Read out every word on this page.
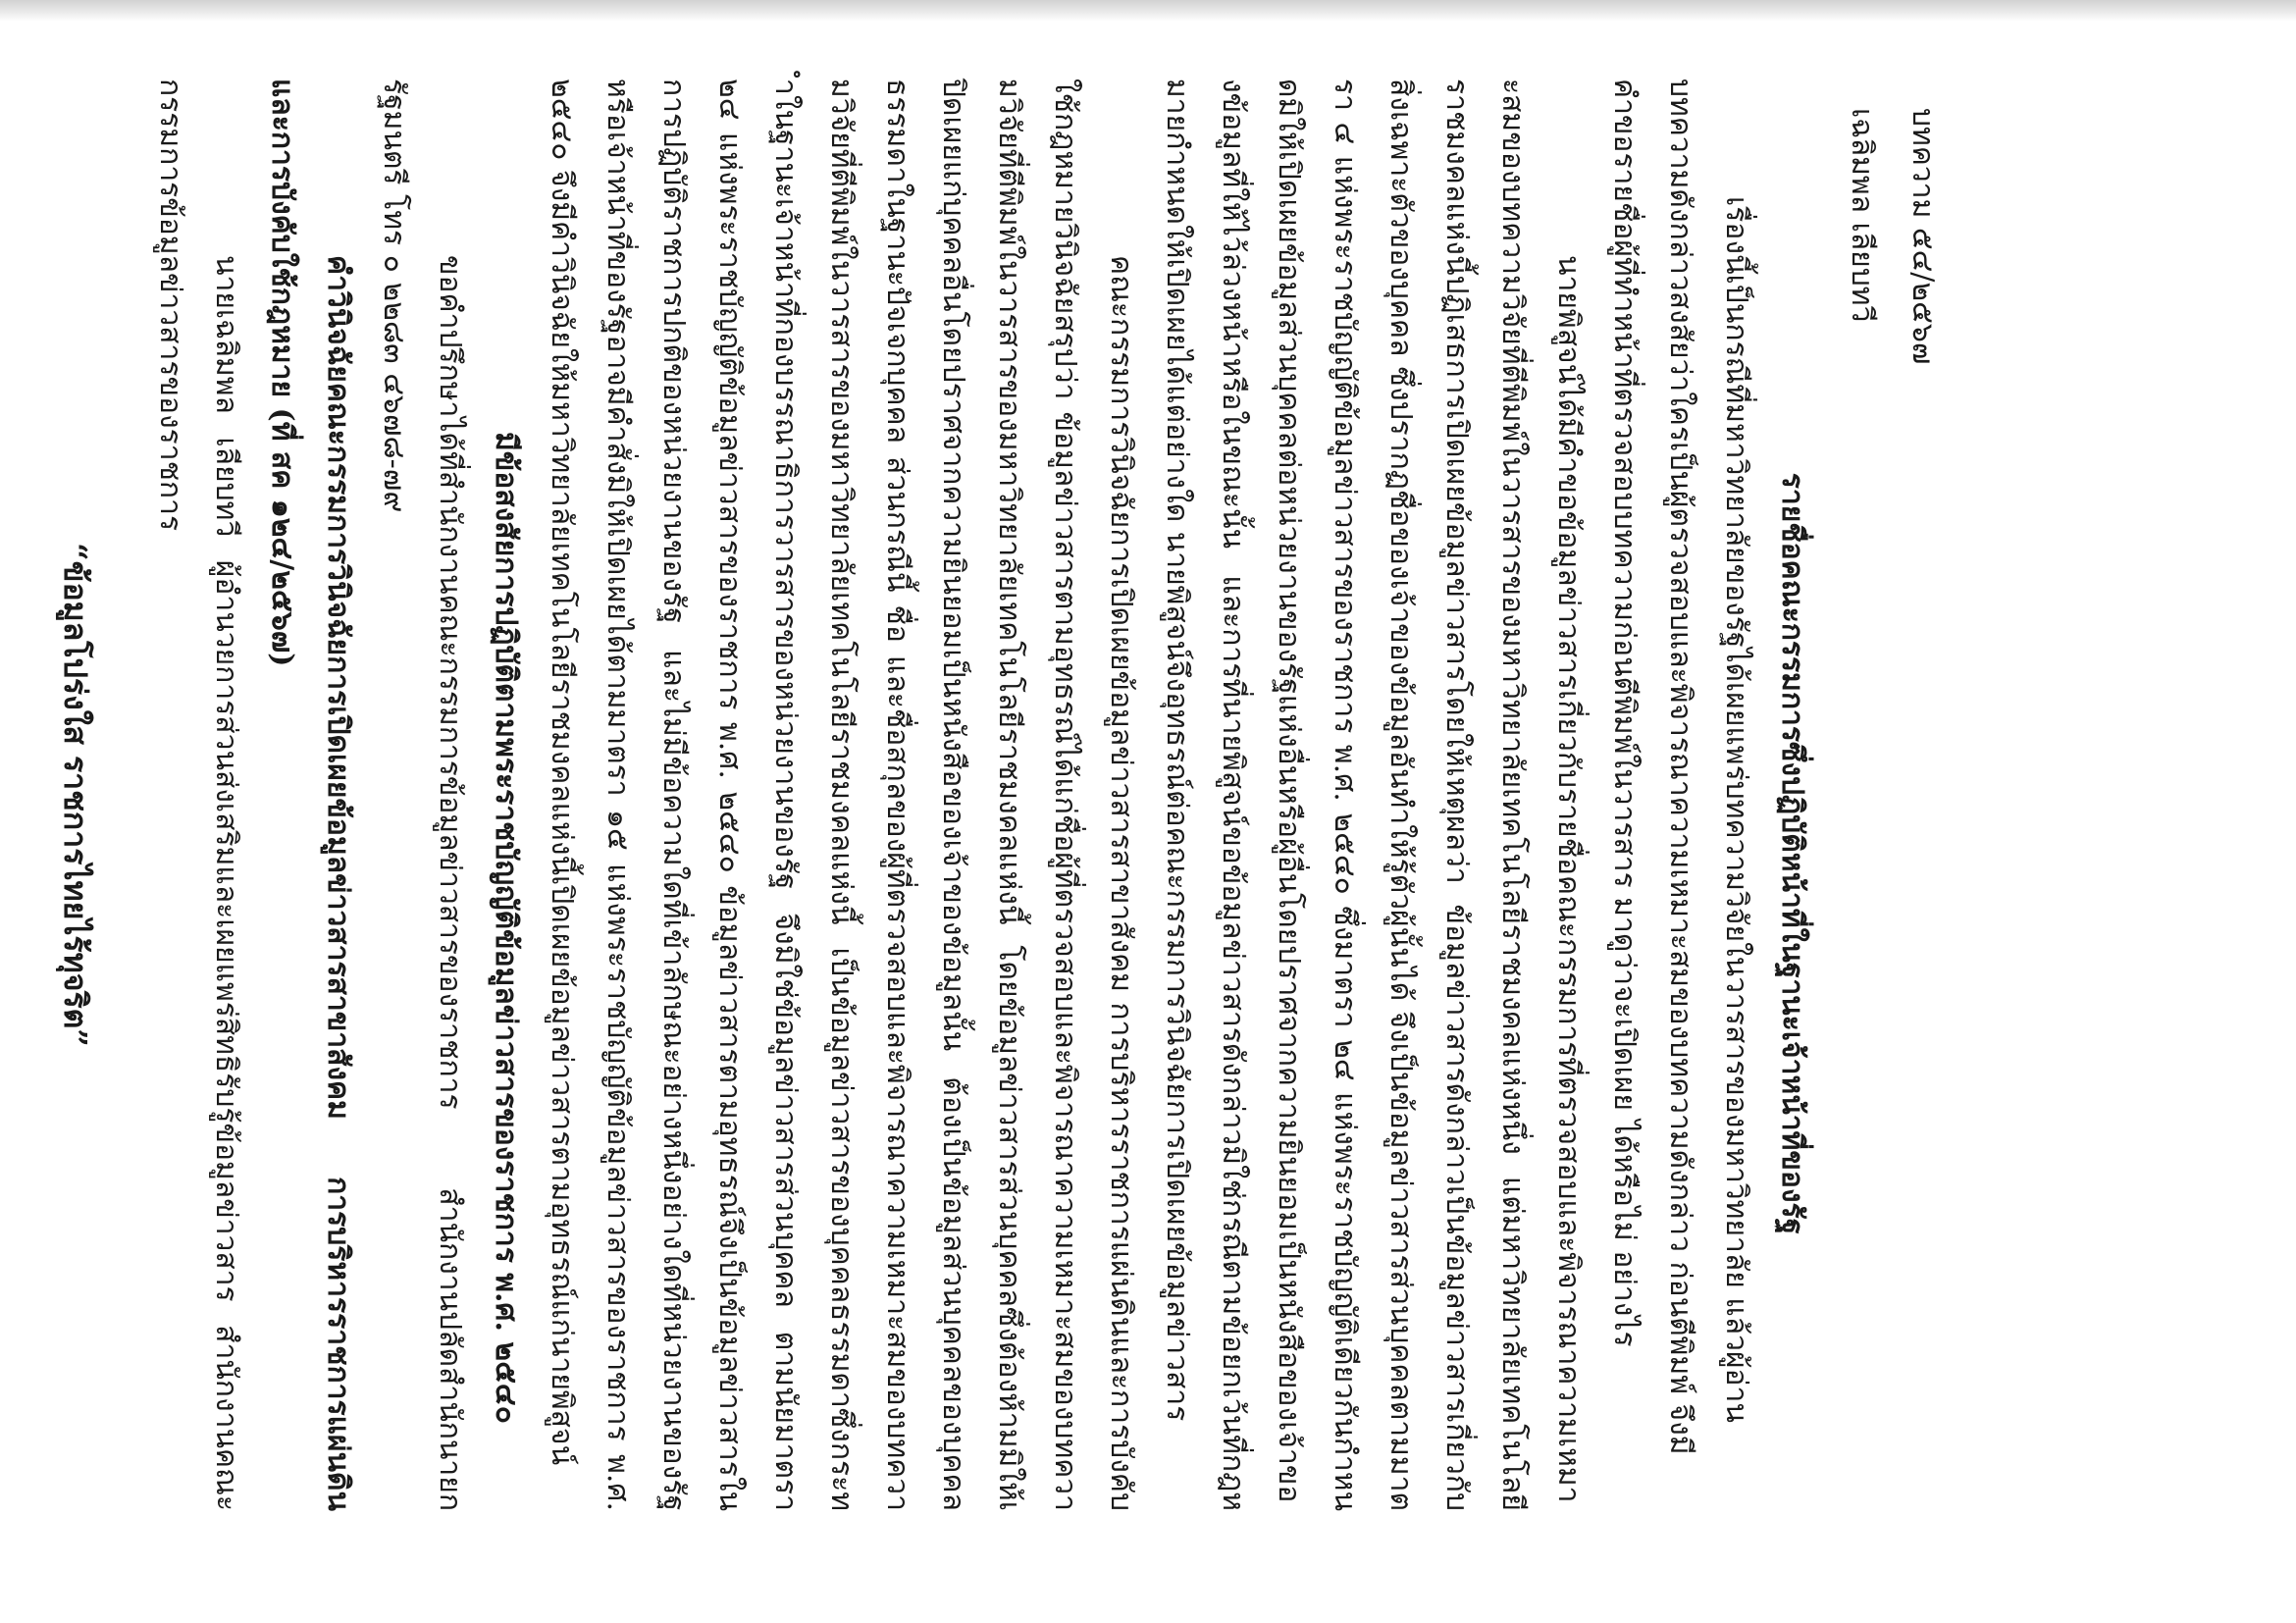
บทความ ๕๔/๒๕๖๗
เฉลิมพล เลียบทวี

รายชื่อคณะกรรมการซึ่งปฏิบัติหน้าที่ในฐานะเจ้าหน้าที่ของรัฐ

เรื่องนี้เป็นกรณีที่มหาวิทยาลัยของรัฐได้เผยแพร่บทความวิจัยในวารสารของมหาวิทยาลัย แล้วผู้อ่านบทความดังกล่าวสงสัยว่าใครเป็นผู้ตรวจสอบและพิจารณาความเหมาะสมของบทความดังกล่าว ก่อนตีพิมพ์ จึงมีคำขอรายชื่อผู้ที่ทำหน้าที่ตรวจสอบบทความก่อนตีพิมพ์ในวารสาร มาดูว่าจะเปิดเผย ได้หรือไม่ อย่างไร

นายพิสูจน์ได้มีคำขอข้อมูลข่าวสารเกี่ยวกับรายชื่อคณะกรรมการที่ตรวจสอบและพิจารณาความเหมาะสมของบทความวิจัยที่ตีพิมพ์ในวารสารของมหาวิทยาลัยเทคโนโลยีราชมงคลแห่งหนึ่ง แต่มหาวิทยาลัยเทคโนโลยีราชมงคลแห่งนี้ปฏิเสธการเปิดเผยข้อมูลข่าวสารโดยให้เหตุผลว่า ข้อมูลข่าวสารดังกล่าวเป็นข้อมูลข่าวสารเกี่ยวกับสิ่งเฉพาะตัวของบุคคล ซึ่งปรากฏชื่อของเจ้าของข้อมูลอันทำให้รู้ตัวผู้นั้นได้ จึงเป็นข้อมูลข่าวสารส่วนบุคคลตามมาตรา ๔ แห่งพระราชบัญญัติข้อมูลข่าวสารของราชการ พ.ศ. ๒๕๔๐ ซึ่งมาตรา ๒๔ แห่งพระราชบัญญัติเดียวกันกำหนดมิให้เปิดเผยข้อมูลส่วนบุคคลต่อหน่วยงานของรัฐแห่งอื่นหรือผู้อื่นโดยปราศจากความยินยอมเป็นหนังสือของเจ้าของข้อมูลที่ให้ไว้ล่วงหน้าหรือในขณะนั้น และการที่นายพิสูจน์ขอข้อมูลข่าวสารดังกล่าวมิใช่กรณีตามข้อยกเว้นที่กฎหมายกำหนดให้เปิดเผยได้แต่อย่างใด นายพิสูจน์จึงอุทธรณ์ต่อคณะกรรมการวินิจฉัยการเปิดเผยข้อมูลข่าวสาร

คณะกรรมการวินิจฉัยการเปิดเผยข้อมูลข่าวสารสาขาสังคม การบริหารราชการแผ่นดินและการบังคับใช้กฎหมายวินิจฉัยสรุปว่า ข้อมูลข่าวสารตามอุทธรณ์ได้แก่ชื่อผู้ที่ตรวจสอบและพิจารณาความเหมาะสมของบทความวิจัยที่ตีพิมพ์ในวารสารของมหาวิทยาลัยเทคโนโลยีราชมงคลแห่งนี้ โดยข้อมูลข่าวสารส่วนบุคคลซึ่งต้องห้ามมิให้เปิดเผยแก่บุคคลอื่นโดยปราศจากความยินยอมเป็นหนังสือของเจ้าของข้อมูลนั้น ต้องเป็นข้อมูลส่วนบุคคลของบุคคลธรรมดาในฐานะปัจเจกบุคคล ส่วนกรณีนี้ ชื่อ และชื่อสกุลของผู้ที่ตรวจสอบและพิจารณาความเหมาะสมของบทความวิจัยที่ตีพิมพ์ในวารสารของมหาวิทยาลัยเทคโนโลยีราชมงคลแห่งนี้ เป็นข้อมูลข่าวสารของบุคคลธรรมดาซึ่งกระทำในฐานะเจ้าหน้าที่กองบรรณาธิการวารสารของหน่วยงานของรัฐ จึงมิใช่ข้อมูลข่าวสารส่วนบุคคล ตามนัยมาตรา ๒๔ แห่งพระราชบัญญัติข้อมูลข่าวสารของราชการ พ.ศ. ๒๕๔๐ ข้อมูลข่าวสารตามอุทธรณ์จึงเป็นข้อมูลข่าวสารในการปฏิบัติราชการปกติของหน่วยงานของรัฐ และไม่มีข้อความใดที่เข้าลักษณะอย่างหนึ่งอย่างใดที่หน่วยงานของรัฐหรือเจ้าหน้าที่ของรัฐอาจมีคำสั่งมิให้เปิดเผยได้ตามมาตรา ๑๕ แห่งพระราชบัญญัติข้อมูลข่าวสารของราชการ พ.ศ. ๒๕๔๐ จึงมีคำวินิจฉัยให้มหาวิทยาลัยเทคโนโลยีราชมงคลแห่งนี้เปิดเผยข้อมูลข่าวสารตามอุทธรณ์แก่นายพิสูจน์

มีข้อสงสัยการปฏิบัติตามพระราชบัญญัติข้อมูลข่าวสารของราชการ พ.ศ. ๒๕๔๐

ขอคำปรึกษาได้ที่สำนักงานคณะกรรมการข้อมูลข่าวสารของราชการ สำนักงานปลัดสำนักนายกรัฐมนตรี โทร ๐ ๒๒๘๓ ๔๖๗๘-๗๙

คำวินิจฉัยคณะกรรมการวินิจฉัยการเปิดเผยข้อมูลข่าวสารสาขาสังคม การบริหารราชการแผ่นดินและการบังคับใช้กฎหมาย (ที่ สค ๑๒๔/๒๕๖๗)

นายเฉลิมพล เลียบทวี ผู้อำนวยการส่วนส่งเสริมและเผยแพร่สิทธิรับรู้ข้อมูลข่าวสาร สำนักงานคณะกรรมการข้อมูลข่าวสารของราชการ

“ข้อมูลโปร่งใส ราชการไทยไร้ทุจริต”
